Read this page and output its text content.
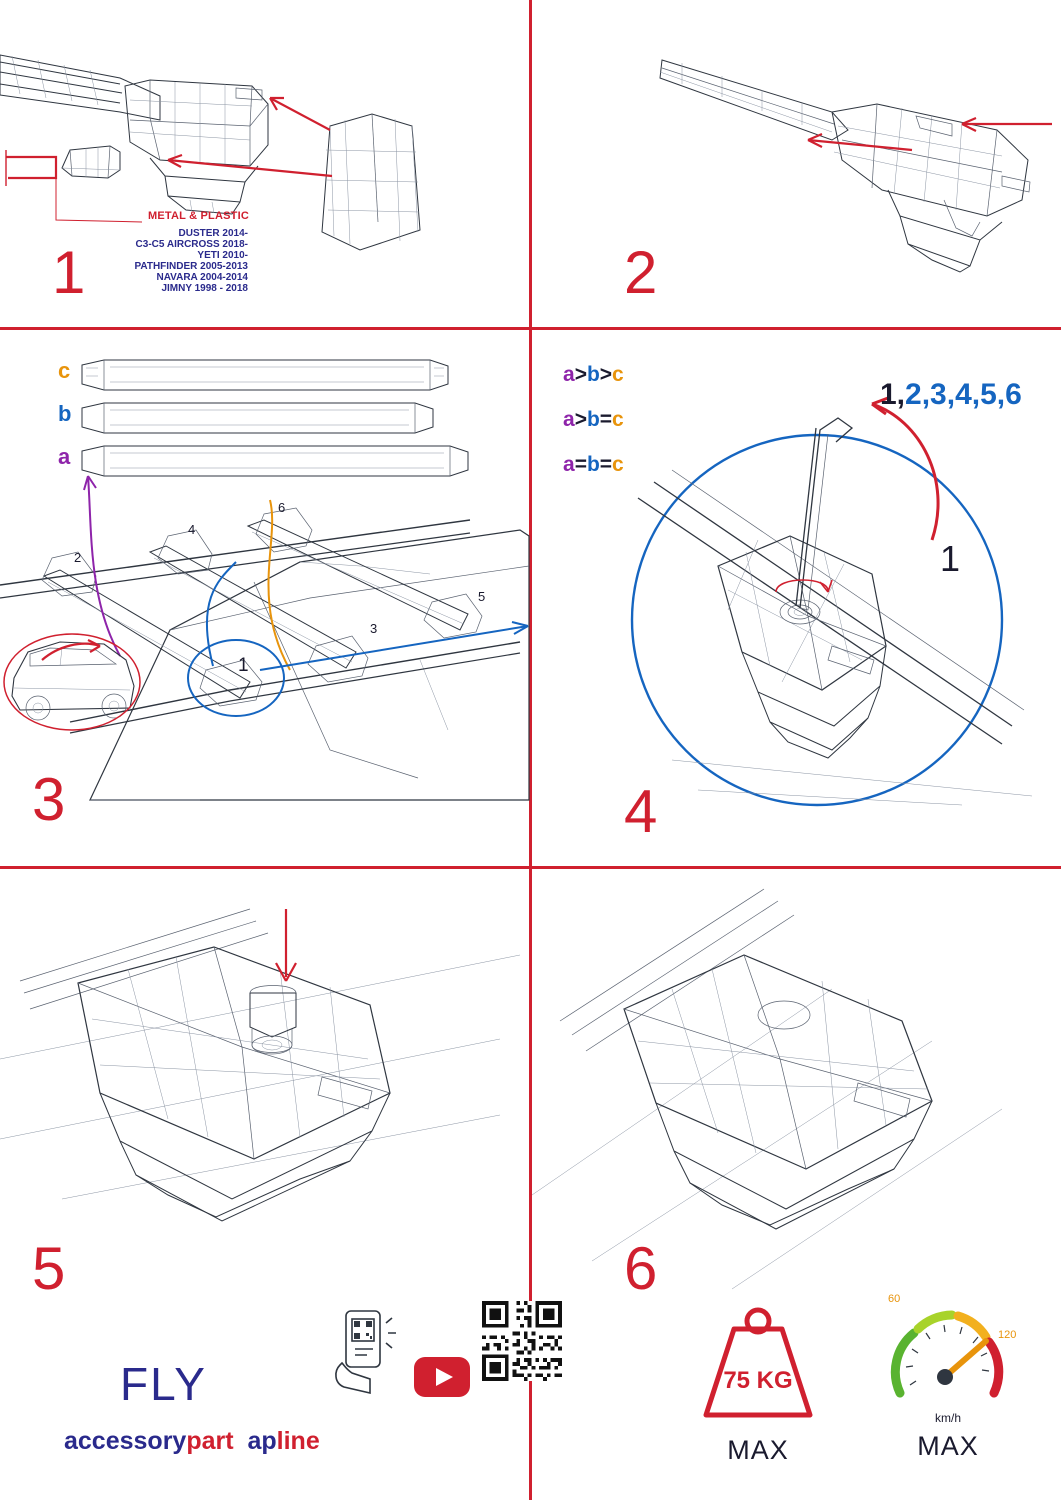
METAL & PLASTIC
DUSTER 2014-
C3-C5 AIRCROSS 2018-
YETI 2010-
PATHFINDER 2005-2013
NAVARA 2004-2014
JIMNY 1998 - 2018
1	2
c
b
a
a>b>c
a>b=c
a=b=c
2
4
6
3
5
1
3
1,2,3,4,5,6
1
4
5
FLY
accessorypart apline
6
75 KG
MAX
60
120
km/h
MAX
